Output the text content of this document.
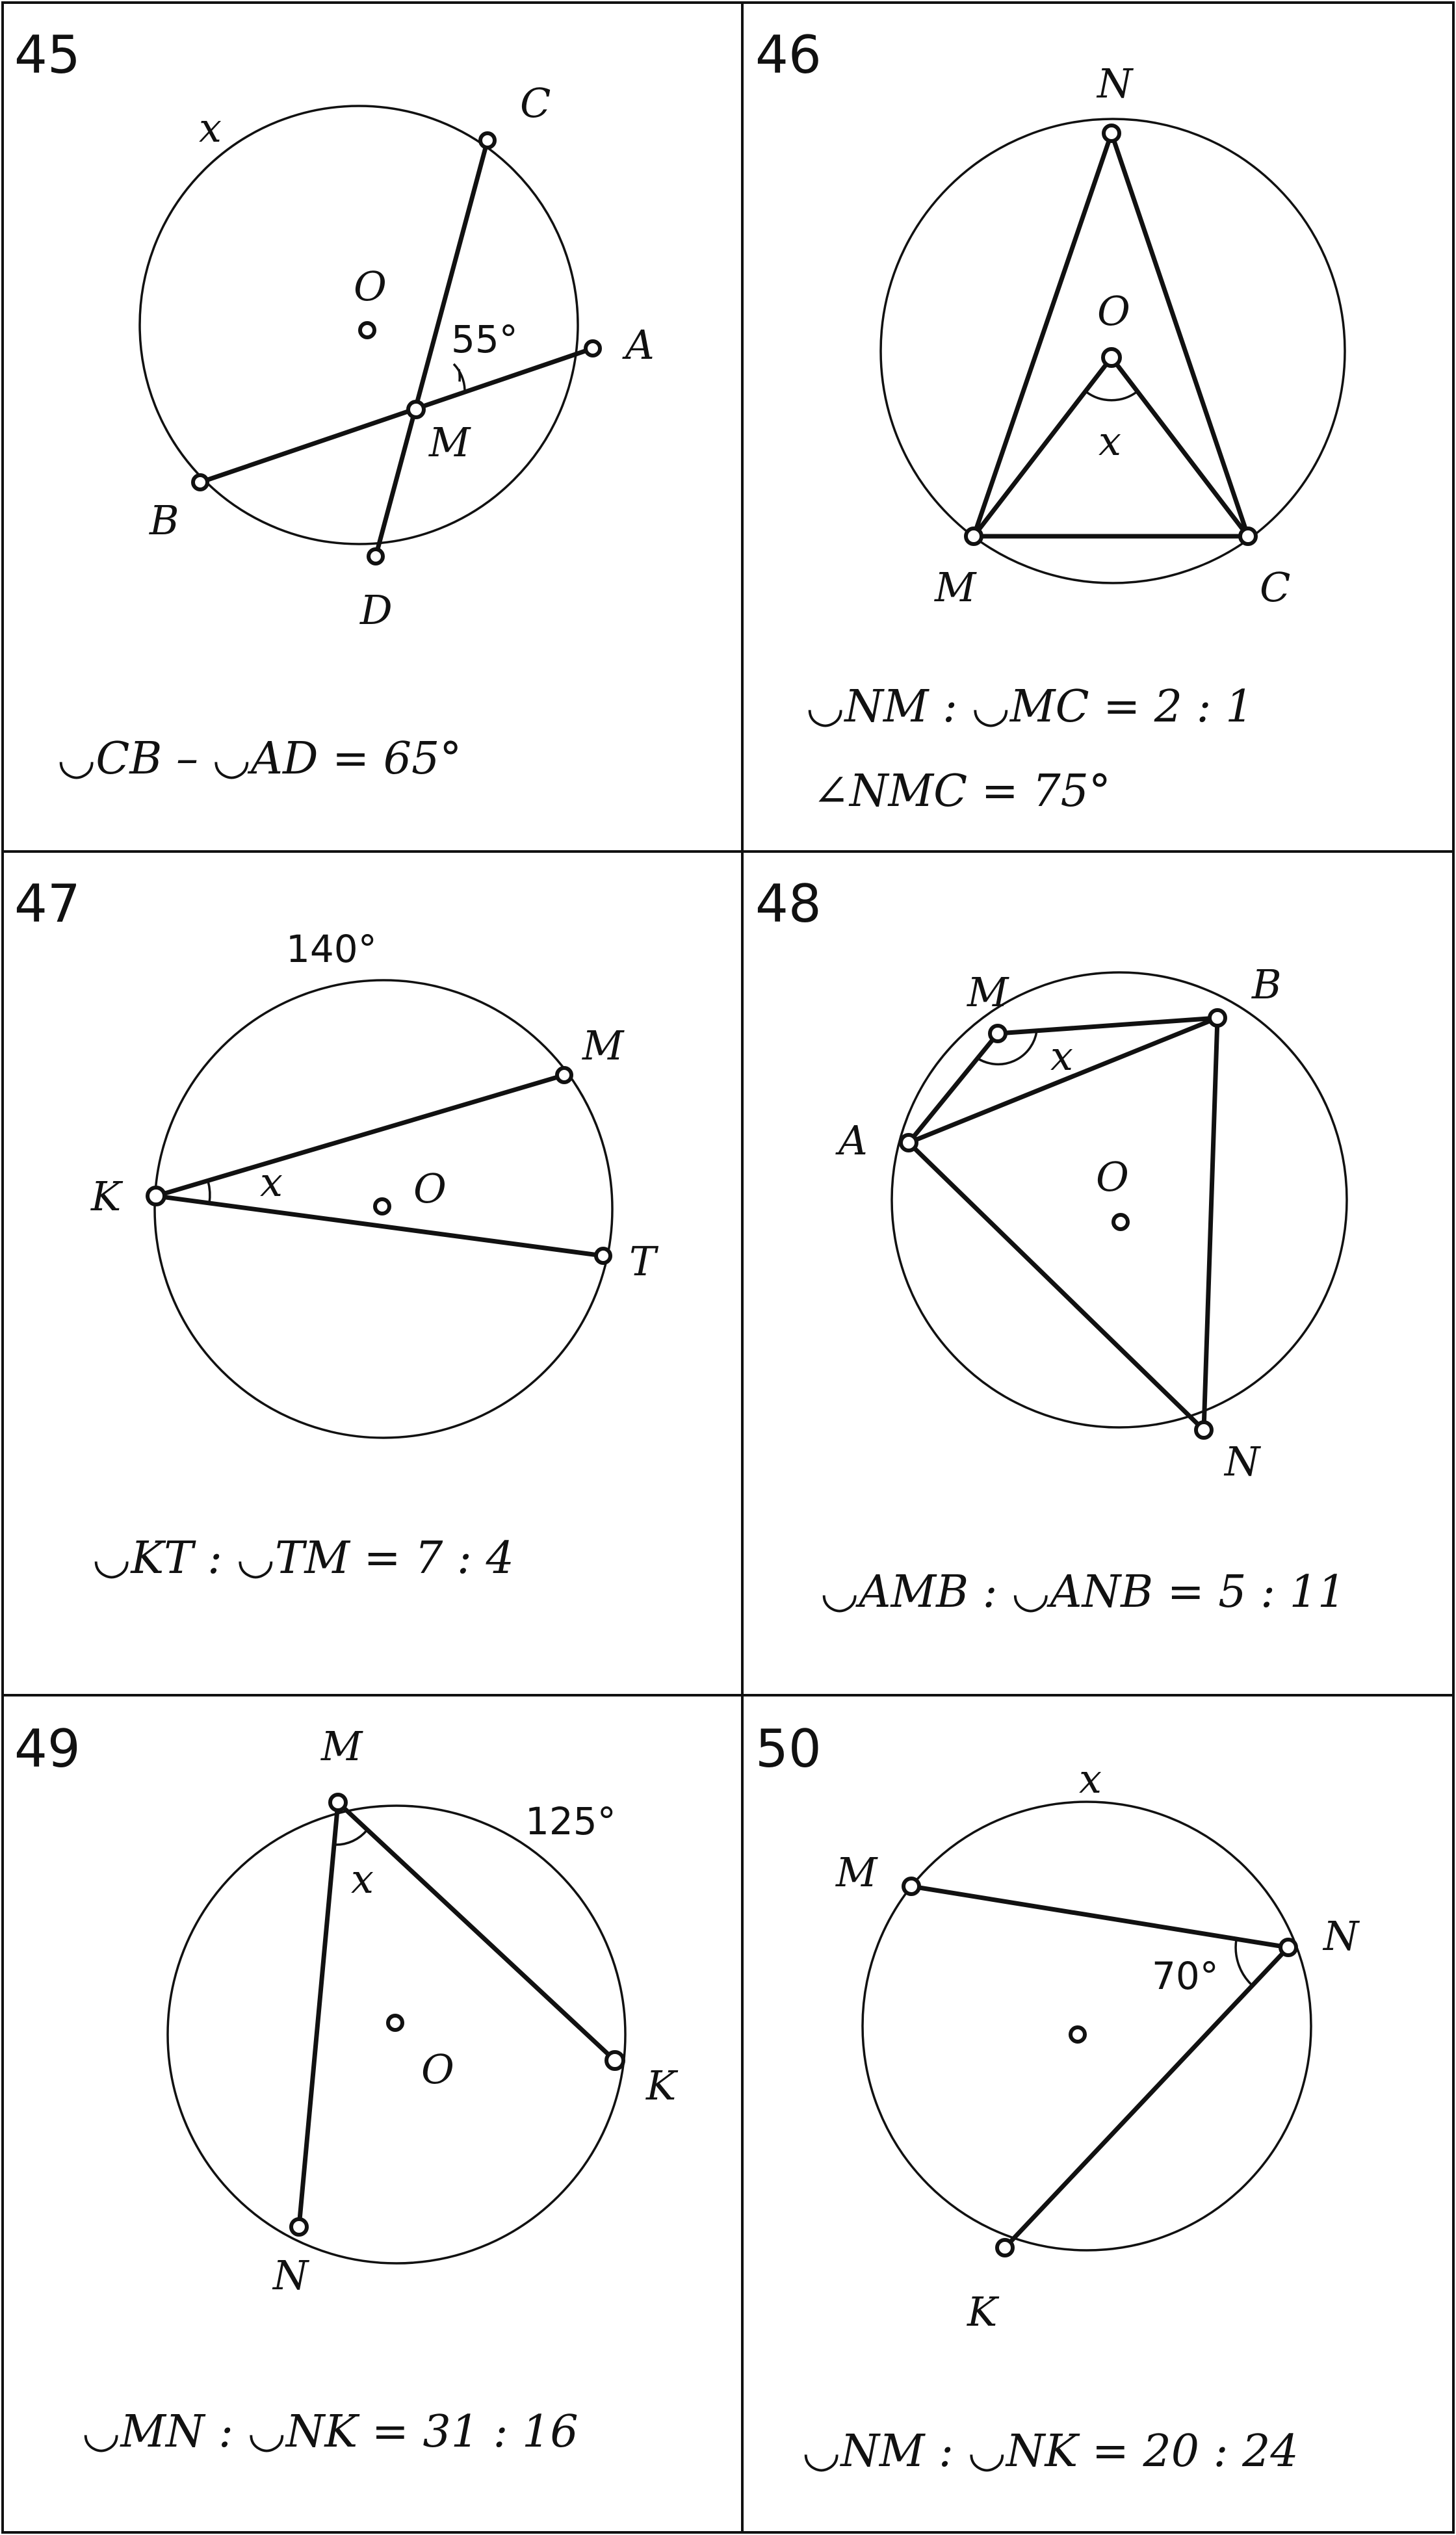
45
x
C
O
55°	A
M
B
D
◡CB – ◡AD = 65°
46	N
O
x
M	C
◡NM : ◡MC = 2 : 1
∠NMC = 75°
47
140°
M
K	x	O
T
◡KT : ◡TM = 7 : 4
48
M	B
x
A
O
N
◡AMB : ◡ANB = 5 : 11
49	M
x
125°
O	K
N
◡MN : ◡NK = 31 : 16
50	x
M
N
70°
K
◡NM : ◡NK = 20 : 24
